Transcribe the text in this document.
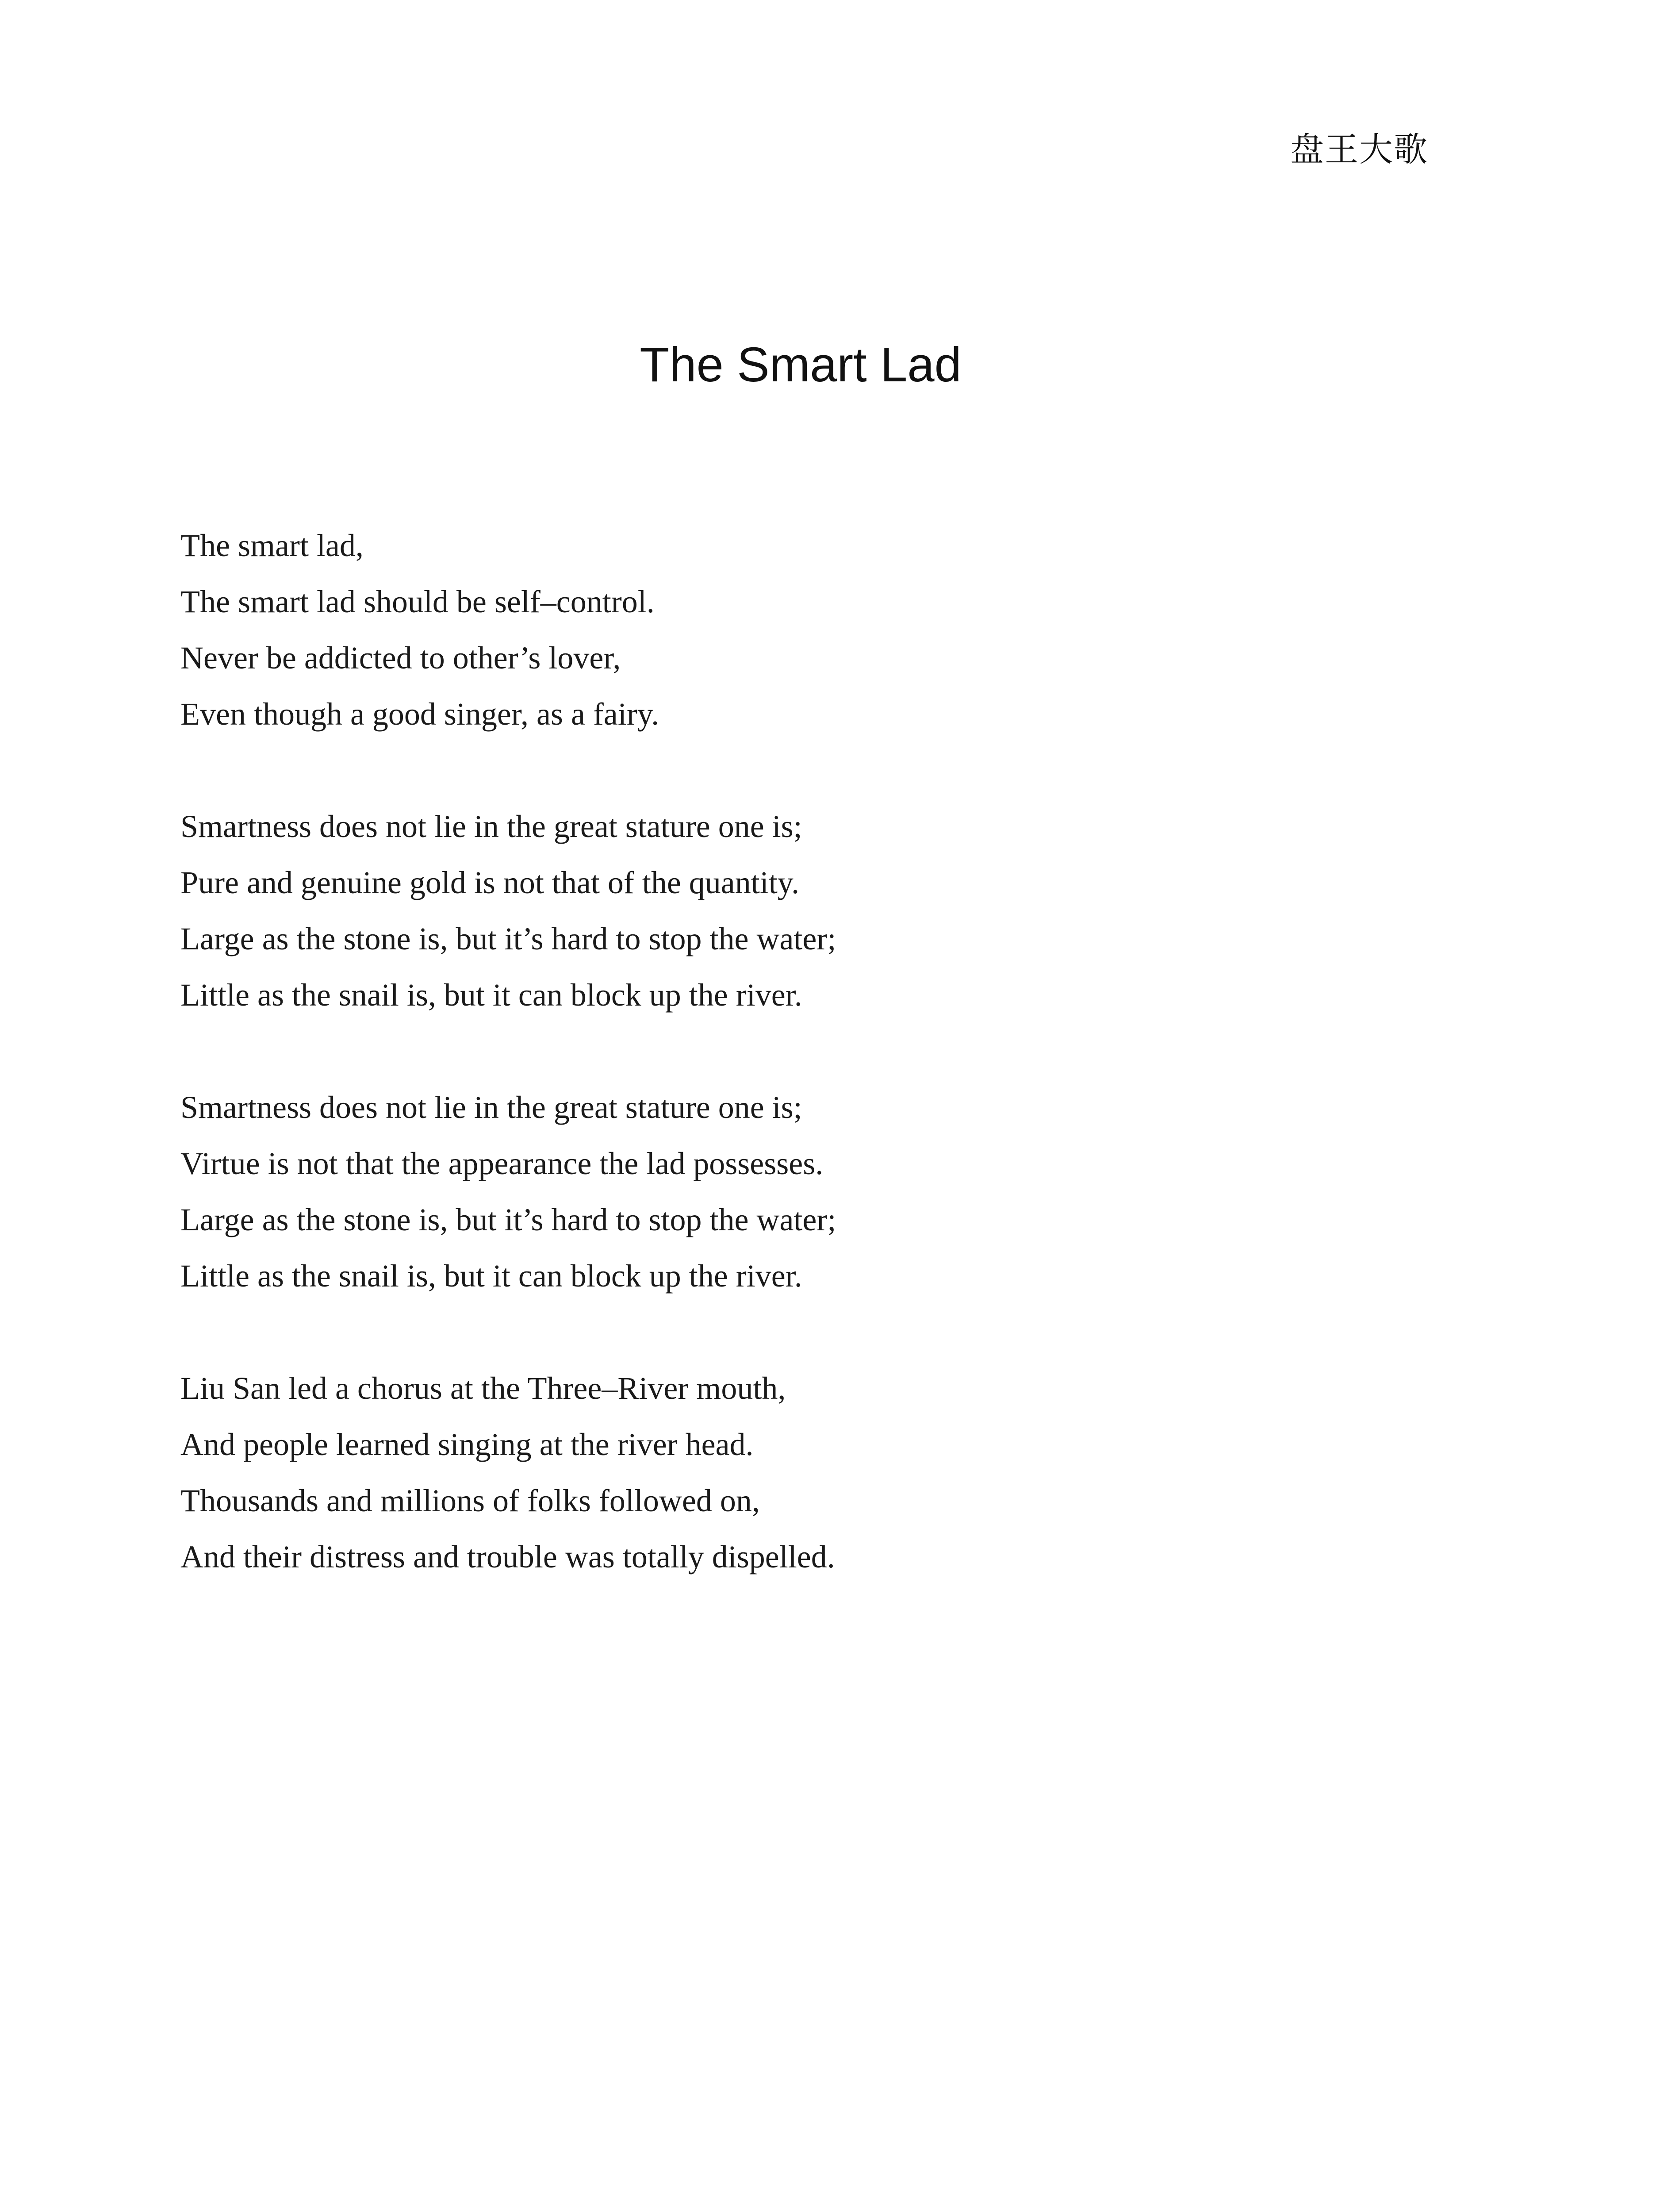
盘王大歌
The Smart Lad
The smart lad,
The smart lad should be self–control.
Never be addicted to other’s lover,
Even though a good singer, as a fairy.
Smartness does not lie in the great stature one is;
Pure and genuine gold is not that of the quantity.
Large as the stone is, but it’s hard to stop the water;
Little as the snail is, but it can block up the river.
Smartness does not lie in the great stature one is;
Virtue is not that the appearance the lad possesses.
Large as the stone is, but it’s hard to stop the water;
Little as the snail is, but it can block up the river.
Liu San led a chorus at the Three–River mouth,
And people learned singing at the river head.
Thousands and millions of folks followed on,
And their distress and trouble was totally dispelled.
